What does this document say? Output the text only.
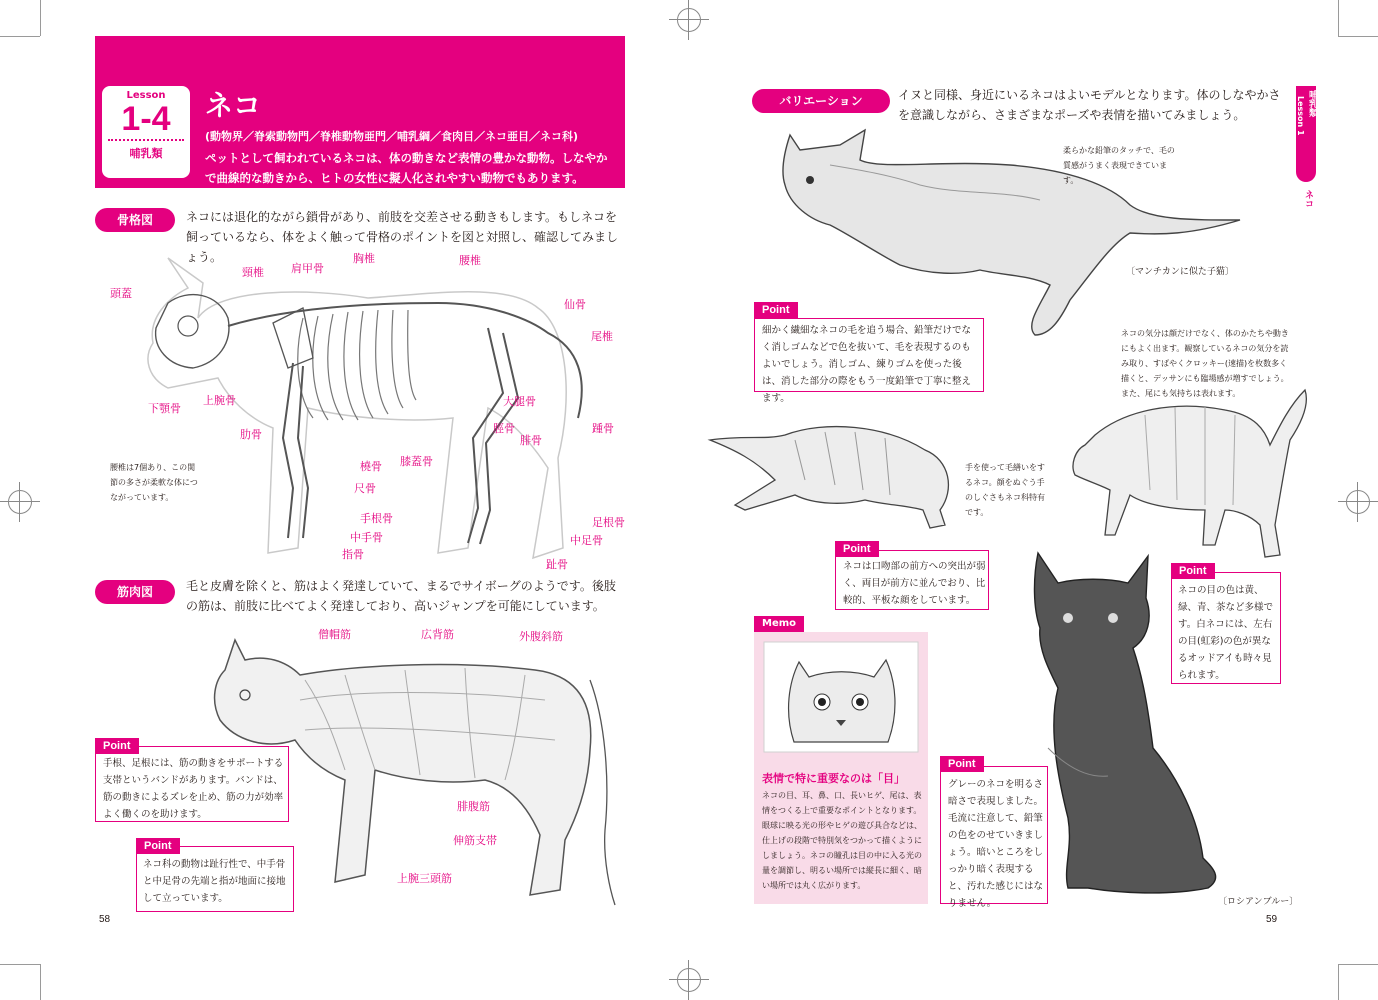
Lesson
1-4
哺乳類
ネコ
(動物界／脊索動物門／脊椎動物亜門／哺乳綱／食肉目／ネコ亜目／ネコ科)
ペットとして飼われているネコは、体の動きなど表情の豊かな動物。しなやかで曲線的な動きから、ヒトの女性に擬人化されやすい動物でもあります。
骨格図	ネコには退化的ながら鎖骨があり、前肢を交差させる動きもします。もしネコを飼っているなら、体をよく触って骨格のポイントを図と対照し、確認してみましょう。
頭蓋
頸椎 肩甲骨
胸椎	腰椎
仙骨
尾椎
下顎骨
上腕骨
肋骨
大腿骨
膝蓋骨
脛骨
腓骨
踵骨
橈骨
尺骨
手根骨
中手骨
指骨
趾骨
中足骨
足根骨
腰椎は7個あり、この関節の多さが柔軟な体につながっています。
筋肉図	毛と皮膚を除くと、筋はよく発達していて、まるでサイボーグのようです。後肢の筋は、前肢に比べてよく発達しており、高いジャンプを可能にしています。
僧帽筋	広背筋	外腹斜筋
腓腹筋
伸筋支帯
上腕三頭筋
Point
手根、足根には、筋の動きをサポートする支帯というバンドがあります。バンドは、筋の動きによるズレを止め、筋の力が効率よく働くのを助けます。
Point
ネコ科の動物は趾行性で、中手骨と中足骨の先端と指が地面に接地して立っています。
58
バリエーション	イヌと同様、身近にいるネコはよいモデルとなります。体のしなやかさを意識しながら、さまざまなポーズや表情を描いてみましょう。	哺乳類
Lesson 1
ネコ
柔らかな鉛筆のタッチで、毛の質感がうまく表現できています。
〔マンチカンに似た子猫〕
Point
細かく繊細なネコの毛を追う場合、鉛筆だけでなく消しゴムなどで色を抜いて、毛を表現するのもよいでしょう。消しゴム、練りゴムを使った後は、消した部分の際をもう一度鉛筆で丁寧に整えます。
ネコの気分は顔だけでなく、体のかたちや動きにもよく出ます。観察しているネコの気分を読み取り、すばやくクロッキー(速描)を枚数多く描くと、デッサンにも臨場感が増すでしょう。また、尾にも気持ちは表れます。
手を使って毛繕いをするネコ。顔をぬぐう手のしぐさもネコ科特有です。
Point
ネコは口吻部の前方への突出が弱く、両目が前方に並んでおり、比較的、平板な顔をしています。
Point
ネコの目の色は黄、緑、青、茶など多様です。白ネコには、左右の目(虹彩)の色が異なるオッドアイも時々見られます。
〔ロシアンブルー〕
Memo
表情で特に重要なのは「目」
ネコの目、耳、鼻、口、長いヒゲ、尾は、表情をつくる上で重要なポイントとなります。眼球に映る光の形やヒゲの遊び具合などは、仕上げの段階で特別気をつかって描くようにしましょう。ネコの瞳孔は目の中に入る光の量を調節し、明るい場所では縦長に細く、暗い場所では丸く広がります。
Point
グレーのネコを明るさ暗さで表現しました。毛流に注意して、鉛筆の色をのせていきましょう。暗いところをしっかり暗く表現すると、汚れた感じにはなりません。
59
